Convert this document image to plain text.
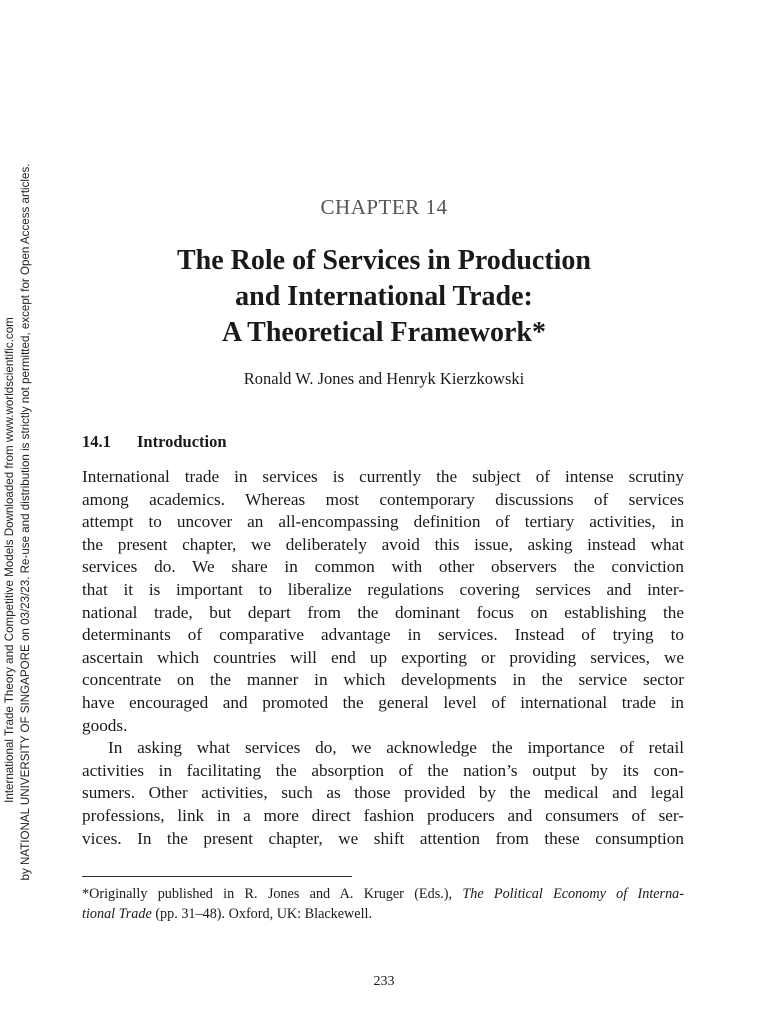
International Trade Theory and Competitive Models Downloaded from www.worldscientific.com by NATIONAL UNIVERSITY OF SINGAPORE on 03/23/23. Re-use and distribution is strictly not permitted, except for Open Access articles.	CHAPTER 14
The Role of Services in Production
and International Trade:
A Theoretical Framework*
Ronald W. Jones and Henryk Kierzkowski
14.1 Introduction
International trade in services is currently the subject of intense scrutiny
among academics. Whereas most contemporary discussions of services
attempt to uncover an all-encompassing definition of tertiary activities, in
the present chapter, we deliberately avoid this issue, asking instead what
services do. We share in common with other observers the conviction
that it is important to liberalize regulations covering services and inter-
national trade, but depart from the dominant focus on establishing the
determinants of comparative advantage in services. Instead of trying to
ascertain which countries will end up exporting or providing services, we
concentrate on the manner in which developments in the service sector
have encouraged and promoted the general level of international trade in
goods.
In asking what services do, we acknowledge the importance of retail
activities in facilitating the absorption of the nation’s output by its con-
sumers. Other activities, such as those provided by the medical and legal
professions, link in a more direct fashion producers and consumers of ser-
vices. In the present chapter, we shift attention from these consumption
*Originally published in R. Jones and A. Kruger (Eds.), The Political Economy of Interna-
tional Trade (pp. 31–48). Oxford, UK: Blackewell.
233
